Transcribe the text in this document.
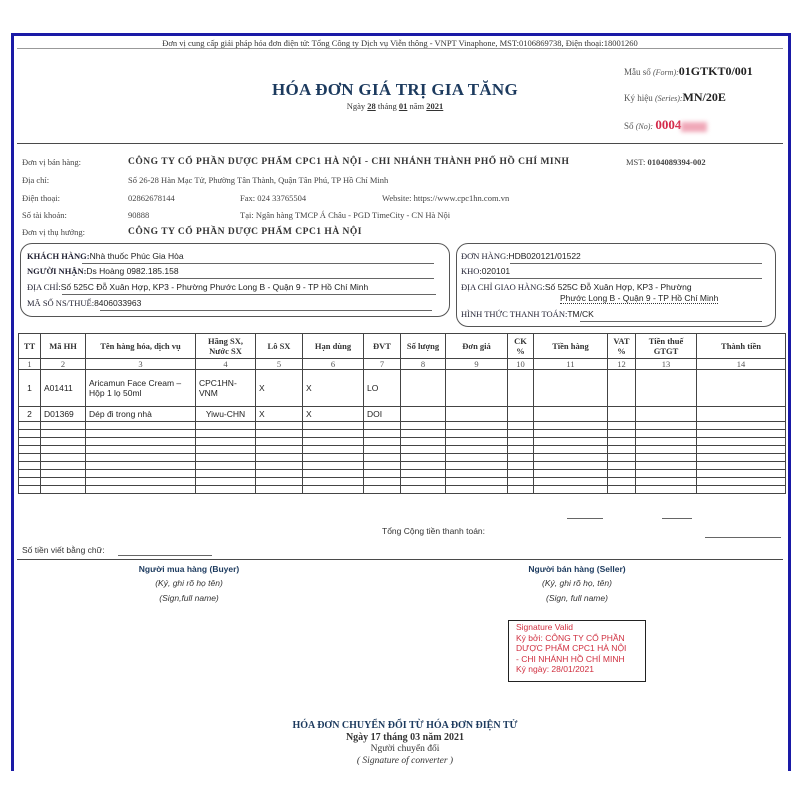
Đơn vị cung cấp giải pháp hóa đơn điện tử: Tổng Công ty Dịch vụ Viễn thông - VNPT Vinaphone, MST:0106869738, Điện thoại:18001260
HÓA ĐƠN GIÁ TRỊ GIA TĂNG
Ngày 28 tháng 01 năm 2021
Mẫu số (Form):01GTKT0/001
Ký hiệu (Series):MN/20E
Số (No): 0004
Đơn vị bán hàng:	CÔNG TY CỔ PHẦN DƯỢC PHẨM CPC1 HÀ NỘI - CHI NHÁNH THÀNH PHỐ HỒ CHÍ MINH	MST: 0104089394-002
Địa chỉ:	Số 26-28 Hàn Mạc Tử, Phường Tân Thành, Quận Tân Phú, TP Hồ Chí Minh
Điện thoại:	02862678144	Fax: 024 33765504	Website: https://www.cpc1hn.com.vn
Số tài khoản:	90888	Tại: Ngân hàng TMCP Á Châu - PGD TimeCity - CN Hà Nội
Đơn vị thụ hưởng:	CÔNG TY CỔ PHẦN DƯỢC PHẨM CPC1 HÀ NỘI
KHÁCH HÀNG:Nhà thuốc Phúc Gia Hòa
NGƯỜI NHẬN:Ds Hoàng 0982.185.158
ĐỊA CHỈ:Số 525C Đỗ Xuân Hợp, KP3 - Phường Phước Long B - Quận 9 - TP Hồ Chí Minh
MÃ SỐ NS/THUẾ:8406033963
ĐƠN HÀNG:HDB020121/01522
KHO:020101
ĐỊA CHỈ GIAO HÀNG:Số 525C Đỗ Xuân Hợp, KP3 - Phường
Phước Long B - Quận 9 - TP Hồ Chí Minh
HÌNH THỨC THANH TOÁN:TM/CK
TT	Mã HH	Tên hàng hóa, dịch vụ	Hãng SX, Nước SX	Lô SX	Hạn dùng	ĐVT	Số lượng	Đơn giá	CK %	Tiền hàng	VAT %	Tiền thuế GTGT	Thành tiền
1	2	3	4	5	6	7	8	9	10	11	12	13	14
1	A01411	Aricamun Face Cream – Hộp 1 lọ 50ml	CPC1HN-VNM	X	X	LO							
2	D01369	Dép đi trong nhà	Yiwu-CHN	X	X	DOI							

Tổng Cộng tiền thanh toán:
Số tiền viết bằng chữ:
Người mua hàng (Buyer)
(Ký, ghi rõ họ tên)
(Sign,full name)
Người bán hàng (Seller)
(Ký, ghi rõ họ, tên)
(Sign, full name)
Signature Valid
Ký bởi: CÔNG TY CỔ PHẦN
DƯỢC PHẨM CPC1 HÀ NỘI
- CHI NHÁNH HỒ CHÍ MINH
Ký ngày: 28/01/2021
HÓA ĐƠN CHUYỂN ĐỔI TỪ HÓA ĐƠN ĐIỆN TỬ
Ngày 17 tháng 03 năm 2021
Người chuyển đổi
( Signature of converter )
